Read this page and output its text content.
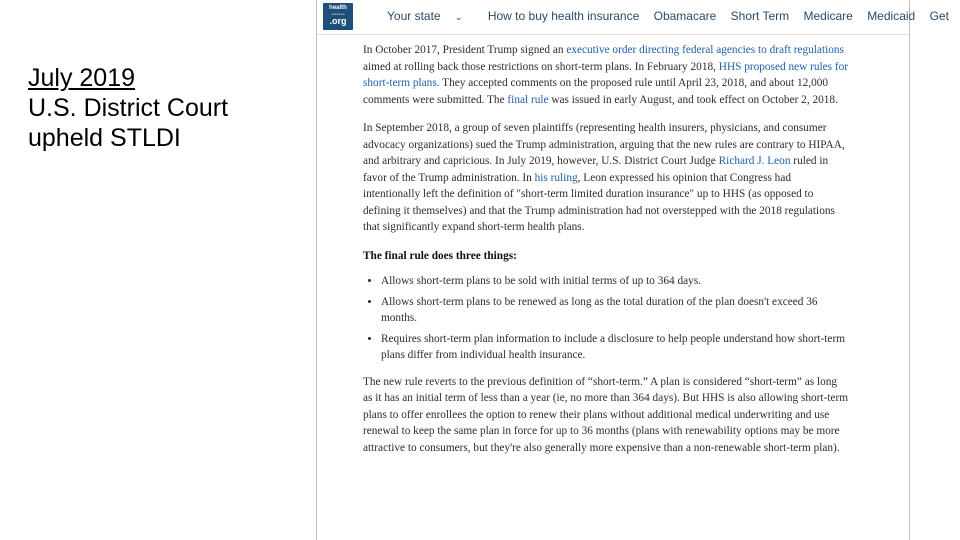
July 2019
U.S. District Court
upheld STLDI
health
insurance
.org	Your state ⌄ How to buy health insurance Obamacare Short Term Medicare Medicaid Get

In October 2017, President Trump signed an executive order directing federal agencies to draft regulations aimed at rolling back those restrictions on short-term plans. In February 2018, HHS proposed new rules for short-term plans. They accepted comments on the proposed rule until April 23, 2018, and about 12,000 comments were submitted. The final rule was issued in early August, and took effect on October 2, 2018.

In September 2018, a group of seven plaintiffs (representing health insurers, physicians, and consumer advocacy organizations) sued the Trump administration, arguing that the new rules are contrary to HIPAA, and arbitrary and capricious. In July 2019, however, U.S. District Court Judge Richard J. Leon ruled in favor of the Trump administration. In his ruling, Leon expressed his opinion that Congress had intentionally left the definition of "short-term limited duration insurance" up to HHS (as opposed to defining it themselves) and that the Trump administration had not overstepped with the 2018 regulations that significantly expand short-term health plans.

The final rule does three things:

• Allows short-term plans to be sold with initial terms of up to 364 days.
• Allows short-term plans to be renewed as long as the total duration of the plan doesn't exceed 36 months.
• Requires short-term plan information to include a disclosure to help people understand how short-term plans differ from individual health insurance.

The new rule reverts to the previous definition of “short-term.” A plan is considered “short-term” as long as it has an initial term of less than a year (ie, no more than 364 days). But HHS is also allowing short-term plans to offer enrollees the option to renew their plans without additional medical underwriting and use renewal to keep the same plan in force for up to 36 months (plans with renewability options may be more attractive to consumers, but they're also generally more expensive than a non-renewable short-term plan).
